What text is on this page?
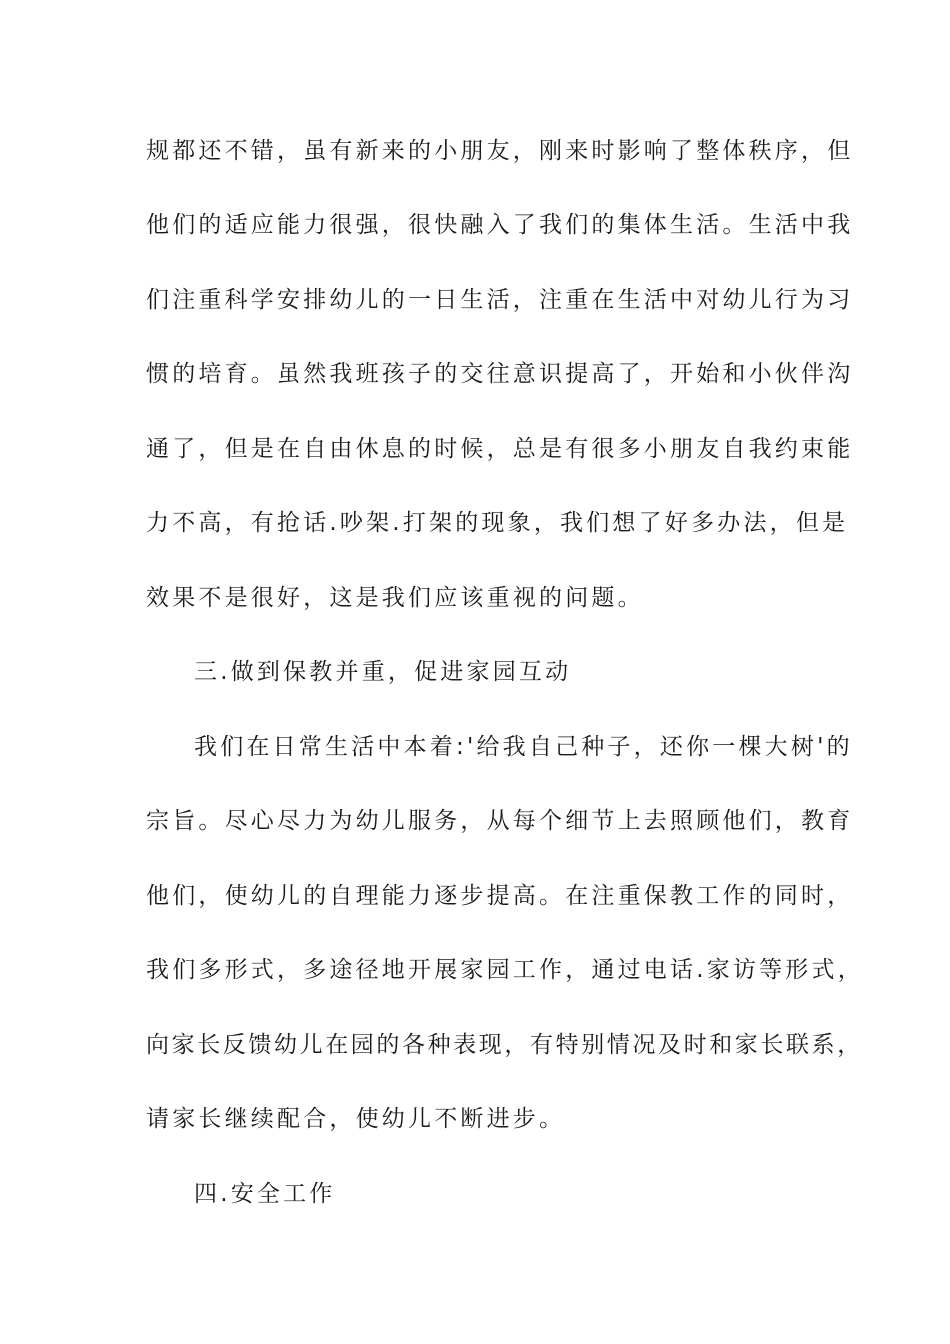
规都还不错，虽有新来的小朋友，刚来时影响了整体秩序，但

他们的适应能力很强，很快融入了我们的集体生活。生活中我

们注重科学安排幼儿的一日生活，注重在生活中对幼儿行为习

惯的培育。虽然我班孩子的交往意识提高了，开始和小伙伴沟

通了，但是在自由休息的时候，总是有很多小朋友自我约束能

力不高，有抢话.吵架.打架的现象，我们想了好多办法，但是

效果不是很好，这是我们应该重视的问题。

三.做到保教并重，促进家园互动

我们在日常生活中本着:'给我自己种子，还你一棵大树'的

宗旨。尽心尽力为幼儿服务，从每个细节上去照顾他们，教育

他们，使幼儿的自理能力逐步提高。在注重保教工作的同时，

我们多形式，多途径地开展家园工作，通过电话.家访等形式，

向家长反馈幼儿在园的各种表现，有特别情况及时和家长联系，

请家长继续配合，使幼儿不断进步。

四.安全工作
